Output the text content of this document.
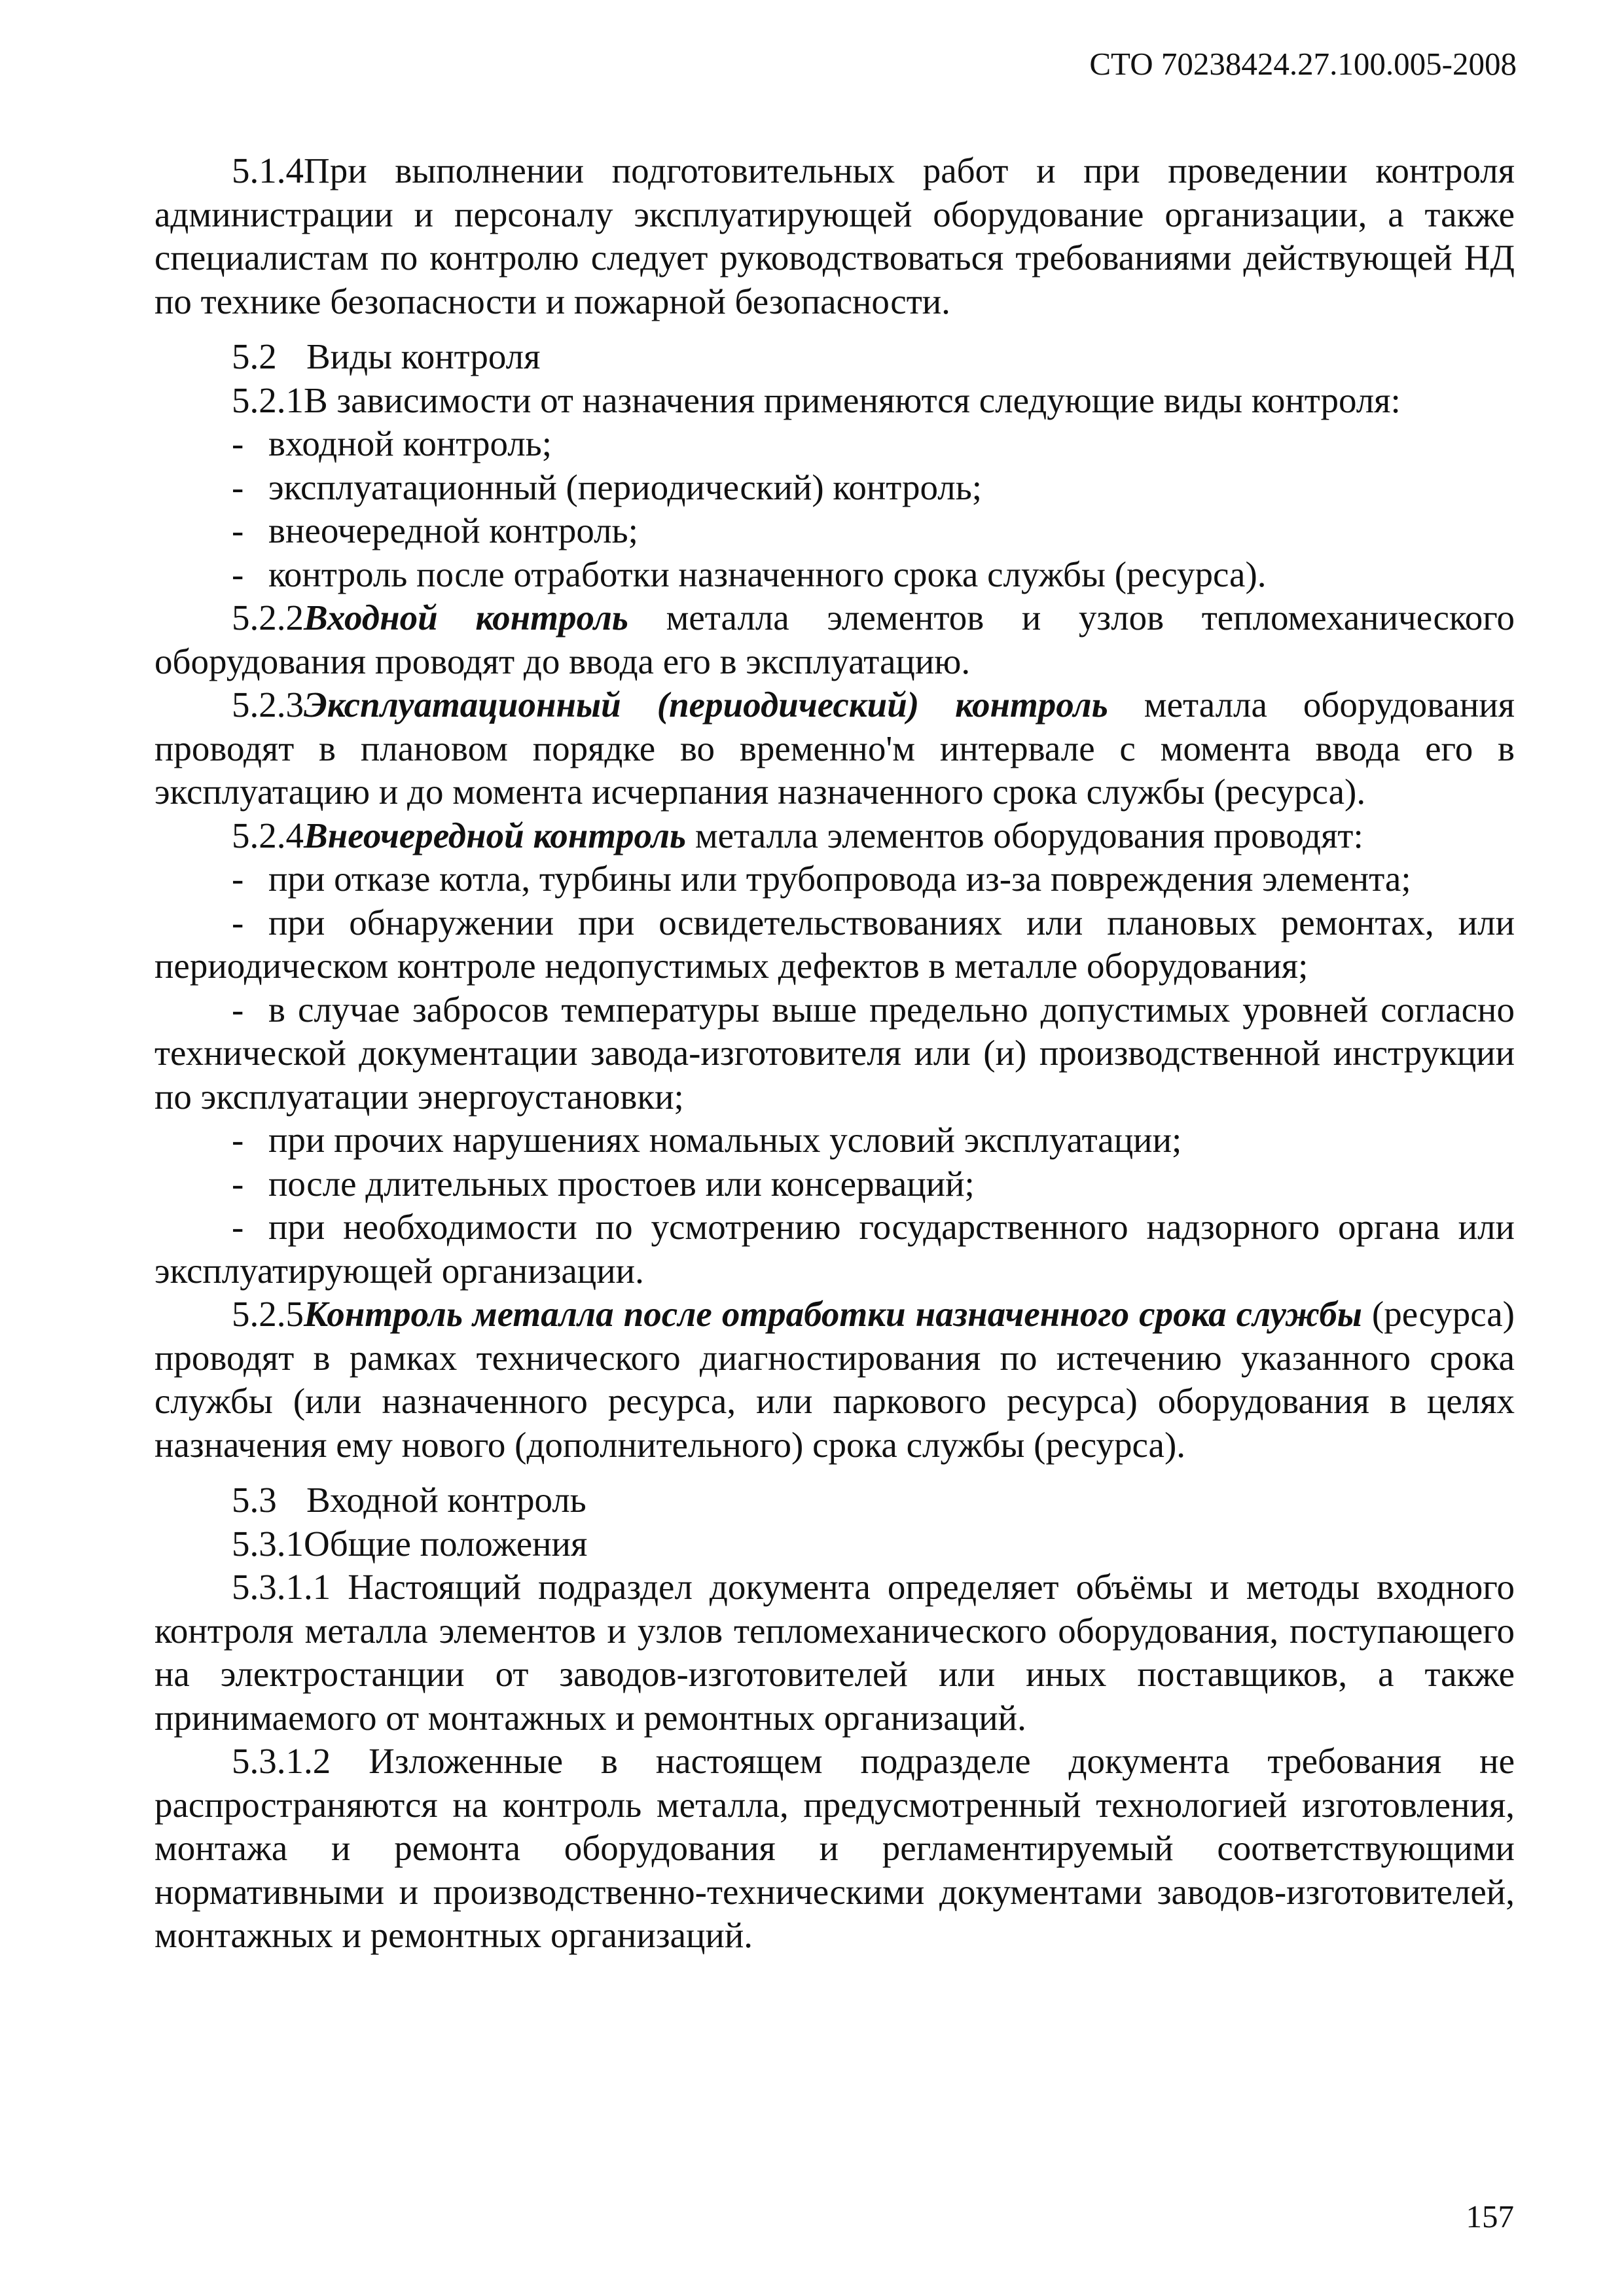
СТО 70238424.27.100.005-2008

5.1.4При выполнении подготовительных работ и при проведении контроля администрации и персоналу эксплуатирующей оборудование организации, а также специалистам по контролю следует руководствоваться требованиями действующей НД по технике безопасности и пожарной безопасности.

5.2 Виды контроля

5.2.1В зависимости от назначения применяются следующие виды контроля:

- входной контроль;

- эксплуатационный (периодический) контроль;

- внеочередной контроль;

- контроль после отработки назначенного срока службы (ресурса).

5.2.2Входной контроль металла элементов и узлов тепломеханического оборудования проводят до ввода его в эксплуатацию.

5.2.3Эксплуатационный (периодический) контроль металла оборудования проводят в плановом порядке во временно'м интервале с момента ввода его в эксплуатацию и до момента исчерпания назначенного срока службы (ресурса).

5.2.4Внеочередной контроль металла элементов оборудования проводят:

- при отказе котла, турбины или трубопровода из-за повреждения элемента;

- при обнаружении при освидетельствованиях или плановых ремонтах, или периодическом контроле недопустимых дефектов в металле оборудования;

- в случае забросов температуры выше предельно допустимых уровней согласно технической документации завода-изготовителя или (и) производственной инструкции по эксплуатации энергоустановки;

- при прочих нарушениях номальных условий эксплуатации;

- после длительных простоев или консерваций;

- при необходимости по усмотрению государственного надзорного органа или эксплуатирующей организации.

5.2.5Контроль металла после отработки назначенного срока службы (ресурса) проводят в рамках технического диагностирования по истечению указанного срока службы (или назначенного ресурса, или паркового ресурса) оборудования в целях назначения ему нового (дополнительного) срока службы (ресурса).

5.3 Входной контроль

5.3.1Общие положения

5.3.1.1 Настоящий подраздел документа определяет объёмы и методы входного контроля металла элементов и узлов тепломеханического оборудования, поступающего на электростанции от заводов-изготовителей или иных поставщиков, а также принимаемого от монтажных и ремонтных организаций.

5.3.1.2 Изложенные в настоящем подразделе документа требования не распространяются на контроль металла, предусмотренный технологией изготовления, монтажа и ремонта оборудования и регламентируемый соответствующими нормативными и производственно-техническими документами заводов-изготовителей, монтажных и ремонтных организаций.

157
